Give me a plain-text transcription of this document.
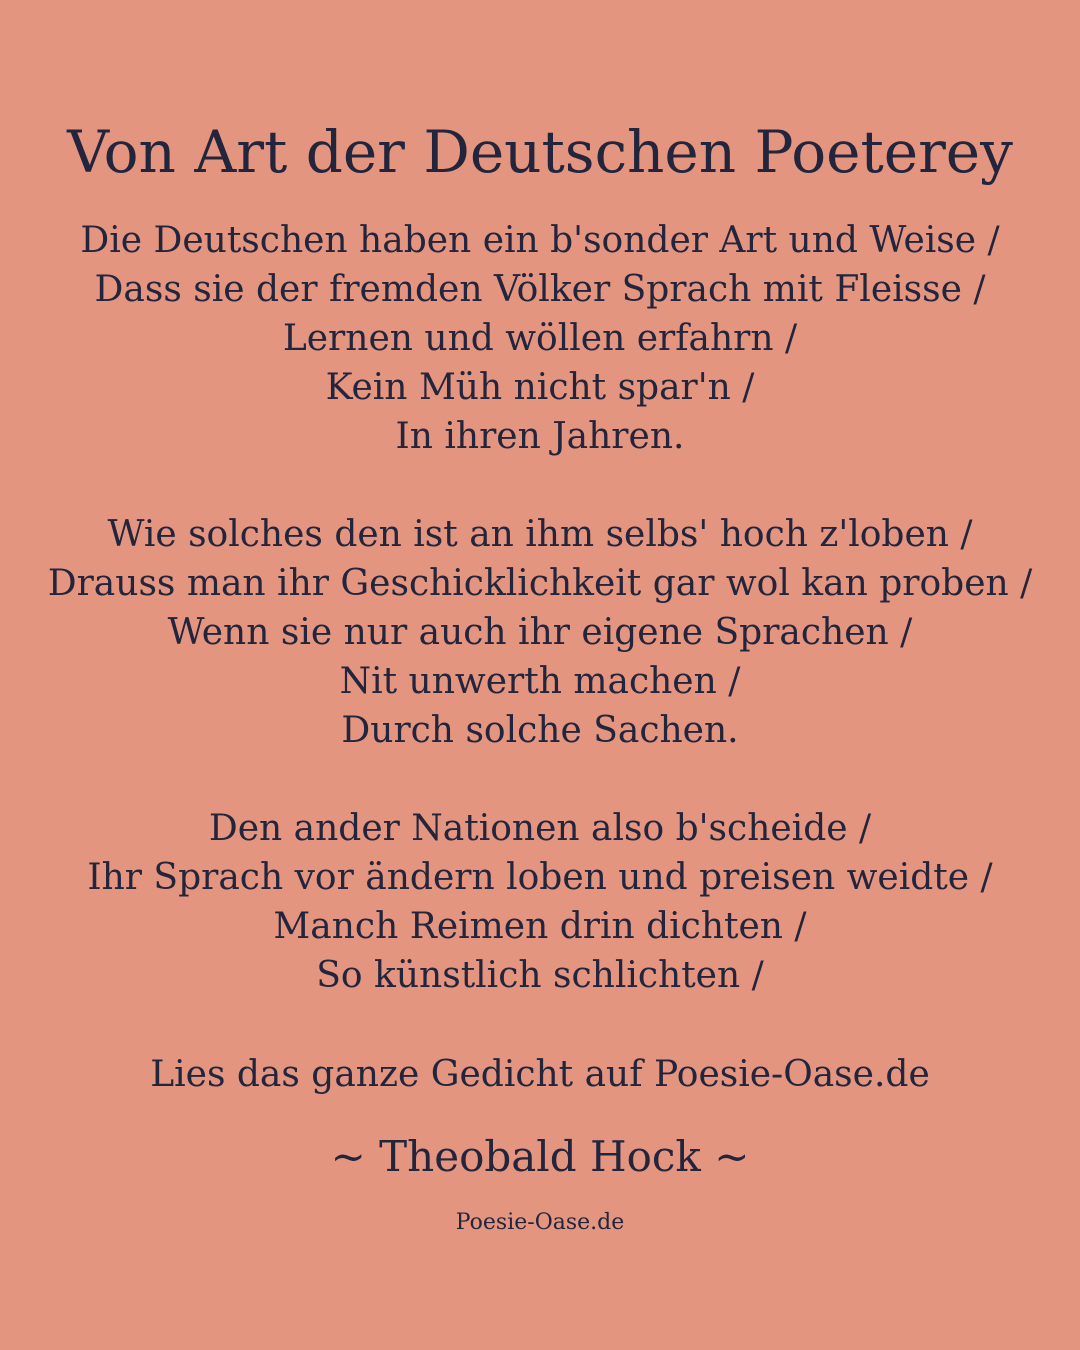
Von Art der Deutschen Poeterey
Die Deutschen haben ein b'sonder Art und Weise /
Dass sie der fremden Völker Sprach mit Fleisse /
Lernen und wöllen erfahrn /
Kein Müh nicht spar'n /
In ihren Jahren.
Wie solches den ist an ihm selbs' hoch z'loben /
Drauss man ihr Geschicklichkeit gar wol kan proben /
Wenn sie nur auch ihr eigene Sprachen /
Nit unwerth machen /
Durch solche Sachen.
Den ander Nationen also b'scheide /
Ihr Sprach vor ändern loben und preisen weidte /
Manch Reimen drin dichten /
So künstlich schlichten /
Lies das ganze Gedicht auf Poesie-Oase.de
~ Theobald Hock ~
Poesie-Oase.de
